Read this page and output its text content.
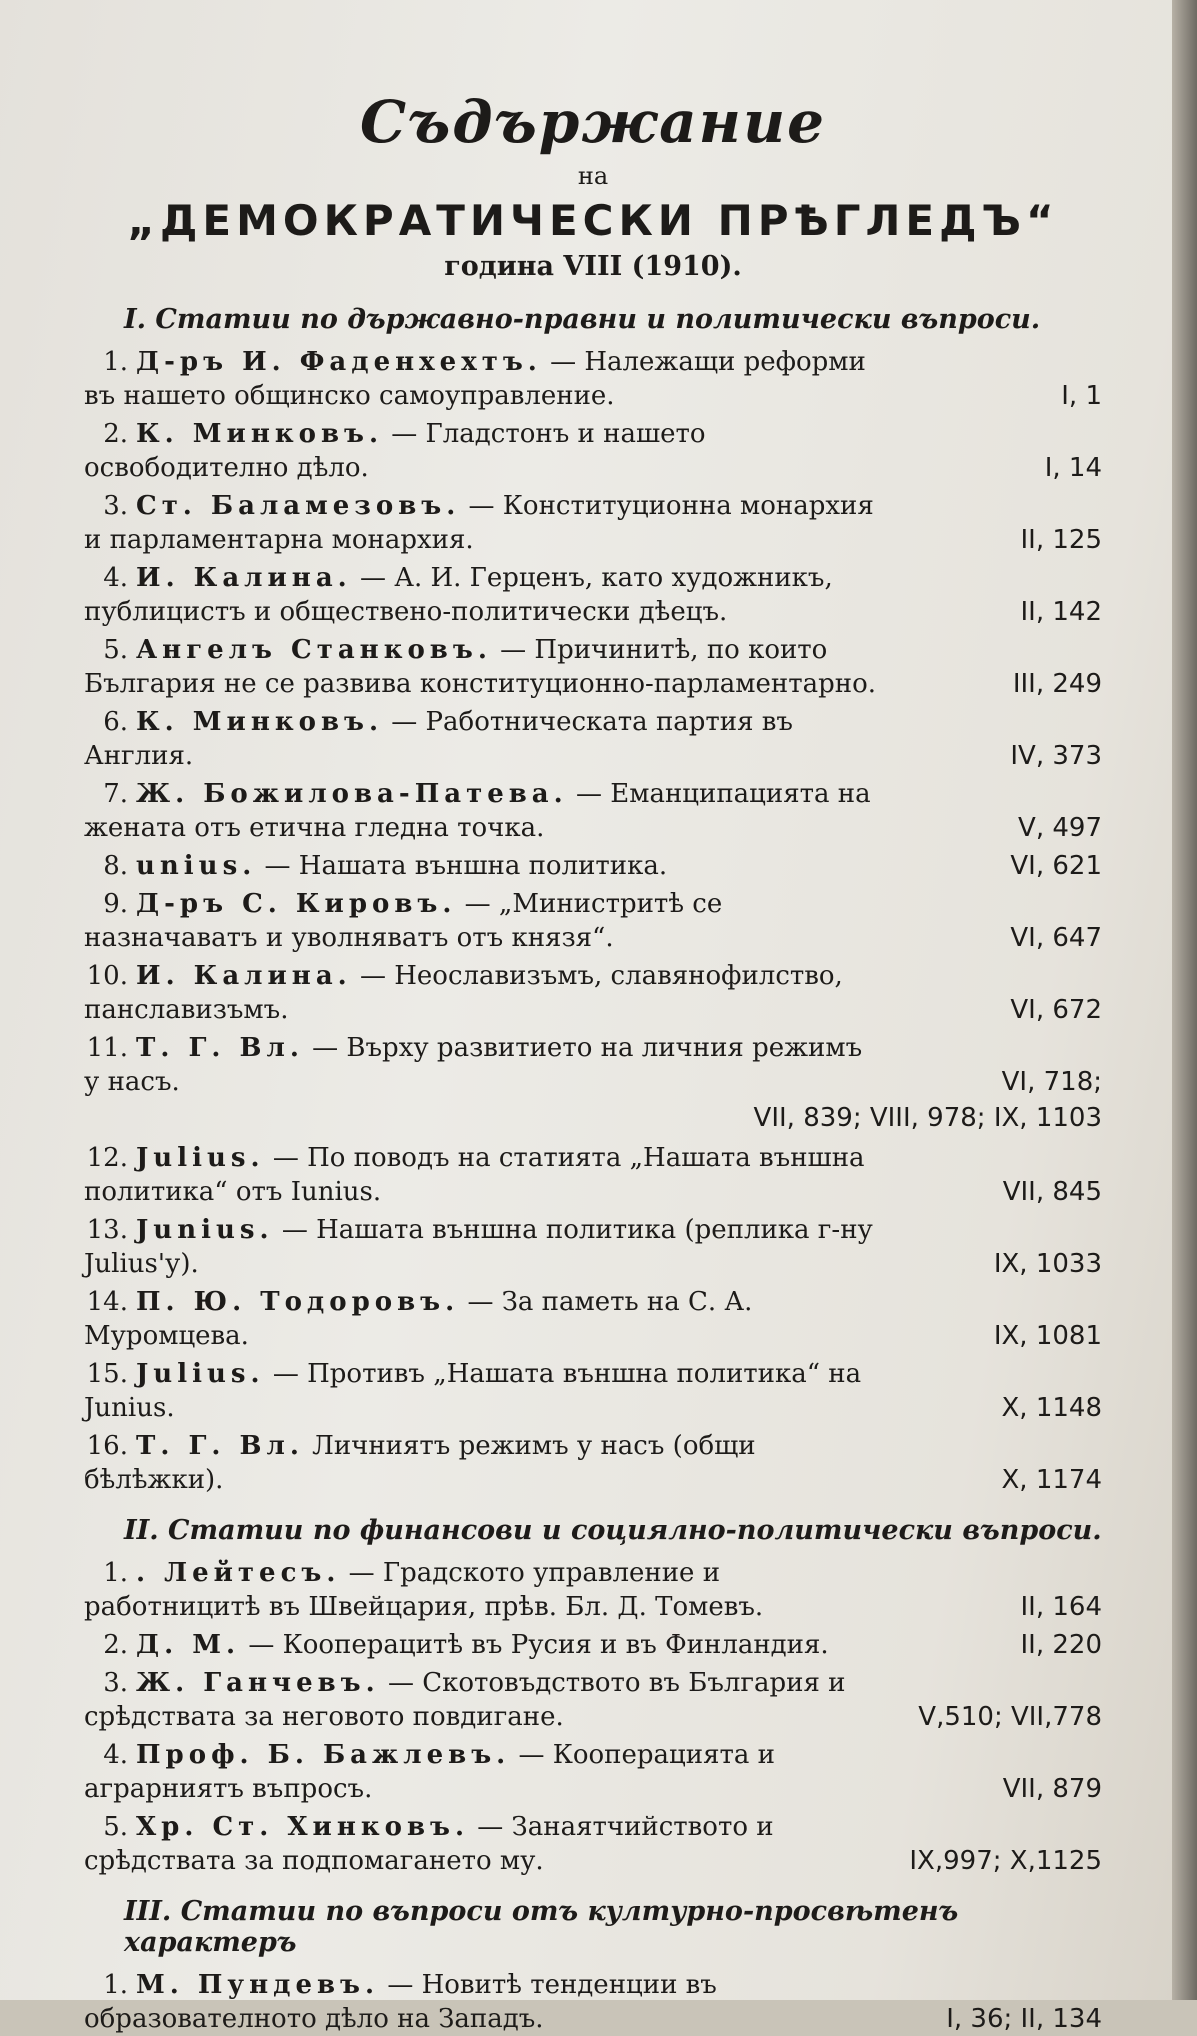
Съдържание
на
„ДЕМОКРАТИЧЕСКИ ПРѢГЛЕДЪ“
година VIII (1910).
I. Статии по държавно-правни и политически въпроси.
1. Д-ръ И. Фаденхехтъ. — Належащи реформи въ нашето общинско самоуправление.	I, 1
2. К. Минковъ. — Гладстонъ и нашето освободително дѣло.	I, 14
3. Ст. Баламезовъ. — Конституционна монархия и парламентарна монархия.	II, 125
4. И. Калина. — А. И. Герценъ, като художникъ, публицистъ и обществено-политически дѣецъ.	II, 142
5. Ангелъ Станковъ. — Причинитѣ, по които България не се развива конституционно-парламентарно.	III, 249
6. К. Минковъ. — Работническата партия въ Англия.	IV, 373
7. Ж. Божилова-Патева. — Еманципацията на жената отъ етична гледна точка.	V, 497
8. unius. — Нашата външна политика.	VI, 621
9. Д-ръ С. Кировъ. — „Министритѣ се назначаватъ и уволняватъ отъ князя“.	VI, 647
10. И. Калина. — Неославизъмъ, славянофилство, панславизъмъ.	VI, 672
11. Т. Г. Вл. — Върху развитието на личния режимъ у насъ.	VI, 718;
VII, 839; VIII, 978; IX, 1103
12. Julius. — По поводъ на статията „Нашата външна политика“ отъ Iunius.	VII, 845
13. Junius. — Нашата външна политика (реплика г-ну Julius'у).	IX, 1033
14. П. Ю. Тодоровъ. — За паметь на С. А. Муромцева.	IX, 1081
15. Julius. — Противъ „Нашата външна политика“ на Junius.	X, 1148
16. Т. Г. Вл. Личниятъ режимъ у насъ (общи бѣлѣжки).	X, 1174
II. Статии по финансови и социялно-политически въпроси.
1. . Лейтесъ. — Градското управление и работницитѣ въ Швейцария, прѣв. Бл. Д. Томевъ.	II, 164
2. Д. М. — Кооперацитѣ въ Русия и въ Финландия.	II, 220
3. Ж. Ганчевъ. — Скотовъдството въ България и срѣдствата за неговото повдигане.	V,510; VII,778
4. Проф. Б. Бажлевъ. — Кооперацията и аграрниятъ въпросъ.	VII, 879
5. Хр. Ст. Хинковъ. — Занаятчийството и срѣдствата за подпомагането му.	IX,997; X,1125
III. Статии по въпроси отъ културно-просвѣтенъ характеръ
1. М. Пундевъ. — Новитѣ тенденции въ образователното дѣло на Западъ.	I, 36; II, 134
